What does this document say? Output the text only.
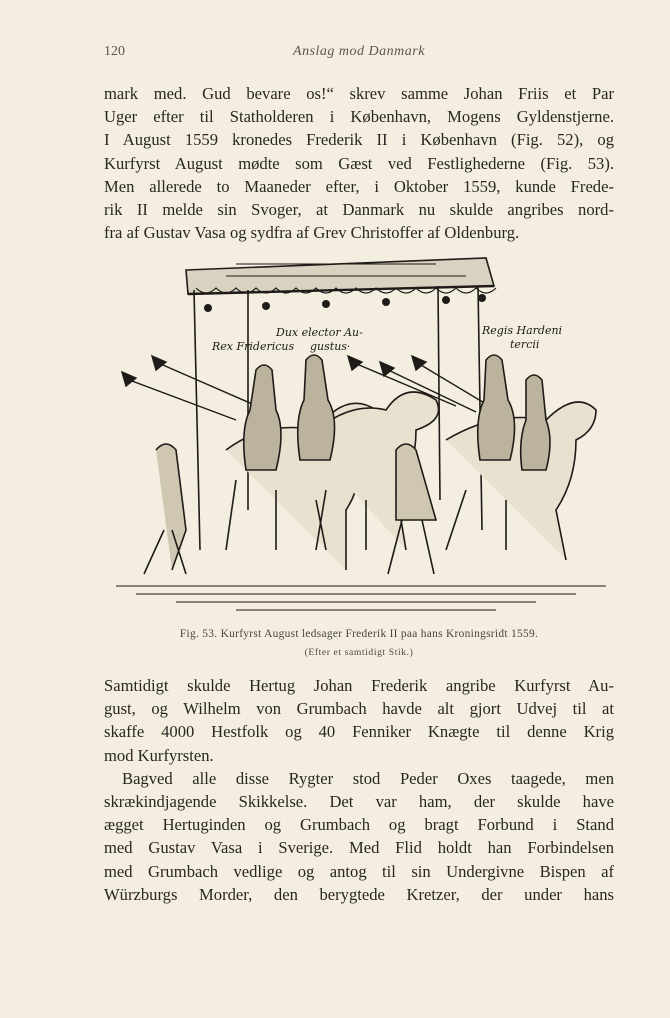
120	Anslag mod Danmark
mark med. Gud bevare os!“ skrev samme Johan Friis et Par
Uger efter til Statholderen i København, Mogens Gyldenstjerne.
I August 1559 kronedes Frederik II i København (Fig. 52), og
Kurfyrst August mødte som Gæst ved Festlighederne (Fig. 53).
Men allerede to Maaneder efter, i Oktober 1559, kunde Frede-
rik II melde sin Svoger, at Danmark nu skulde angribes nord-
fra af Gustav Vasa og sydfra af Grev Christoffer af Oldenburg.
Dux elector Au-
gustus·
Rex Fridericus
Regis Hardeni
tercii
Fig. 53. Kurfyrst August ledsager Frederik II paa hans Kroningsridt 1559.
(Efter et samtidigt Stik.)
Samtidigt skulde Hertug Johan Frederik angribe Kurfyrst Au-
gust, og Wilhelm von Grumbach havde alt gjort Udvej til at
skaffe 4000 Hestfolk og 40 Fenniker Knægte til denne Krig
mod Kurfyrsten.
Bagved alle disse Rygter stod Peder Oxes taagede, men
skrækindjagende Skikkelse. Det var ham, der skulde have
ægget Hertuginden og Grumbach og bragt Forbund i Stand
med Gustav Vasa i Sverige. Med Flid holdt han Forbindelsen
med Grumbach vedlige og antog til sin Undergivne Bispen af
Würzburgs Morder, den berygtede Kretzer, der under hans
